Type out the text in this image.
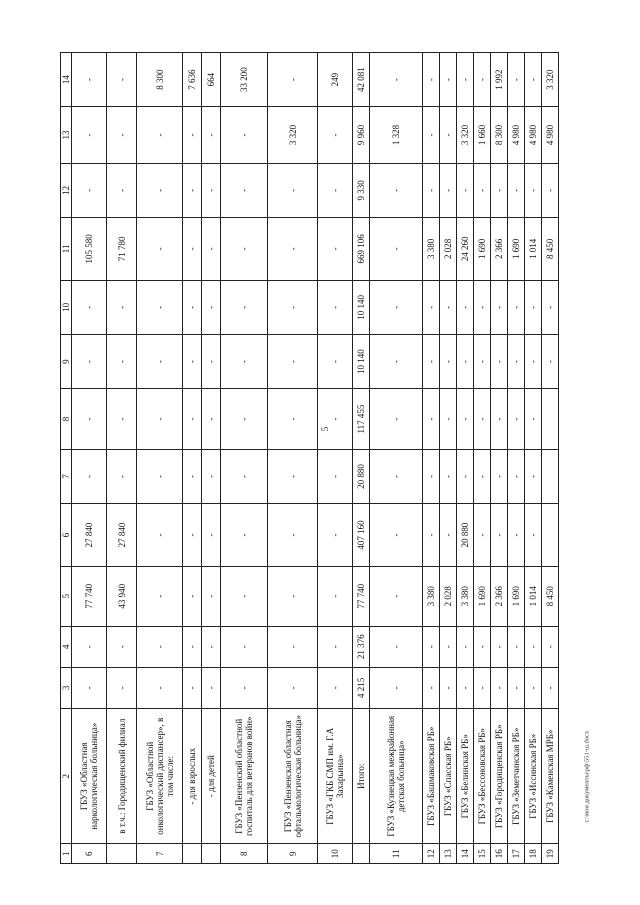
5
c:\мои документы\рф\551-ш.docx
1	2	3	4	5	6	7	8	9	10	11	12	13	14
6	ГБУЗ «Областная наркологическая больница»	-	-	77 740	27 840	-	-	-	-	105 580	-	-	-
	в т.ч.: Городищенский филиал	-	-	43 940	27 840	-	-	-	-	71 780	-	-	-
7	ГБУЗ «Областной онкологический диспансер», в том числе:	-	-	-	-	-	-	-	-	-	-	-	8 300
	- для взрослых	-	-	-	-	-	-	-	-	-	-	-	7 636
	- для детей	-	-	-	-	-	-	-	-	-	-	-	664
8	ГБУЗ «Пензенский областной госпиталь для ветеранов войн»	-	-	-	-	-	-	-	-	-	-	-	33 200
9	ГБУЗ «Пензенская областная офтальмологическая больница»	-	-	-	-	-	-	-	-	-	-	3 320	-
10	ГБУЗ «ГКБ СМП им. Г.А Захарьина»	-	-	-	-	-	-	-	-	-	-	-	249
	Итого:	4 215	21 376	77 740	407 160	20 880	117 455	10 140	10 140	669 106	9 330	9 960	42 081
11	ГБУЗ «Кузнецкая межрайонная детская больница»	-	-	-	-	-	-	-	-	-	-	1 328	-
12	ГБУЗ «Башмаковская РБ»	-	-	3 380	-	-	-	-	-	3 380	-	-	-
13	ГБУЗ «Спасская РБ»	-	-	2 028	-	-	-	-	-	2 028	-	-	-
14	ГБУЗ «Белинская РБ»	-	-	3 380	20 880	-	-	-	-	24 260	-	3 320	-
15	ГБУЗ «Бессоновская РБ»	-	-	1 690	-	-	-	-	-	1 690	-	1 660	-
16	ГБУЗ «Городищенская РБ»	-	-	2 366	-	-	-	-	-	2 366	-	8 300	1 992
17	ГБУЗ «Земетчинская РБ»	-	-	1 690	-	-	-	-	-	1 690	-	4 980	-
18	ГБУЗ «Иссинская РБ»	-	-	1 014	-	-	-	-	-	1 014	-	4 980	-
19	ГБУЗ «Каменская МРБ»	-	-	8 450				-	-	8 450	-	4 980	3 320
